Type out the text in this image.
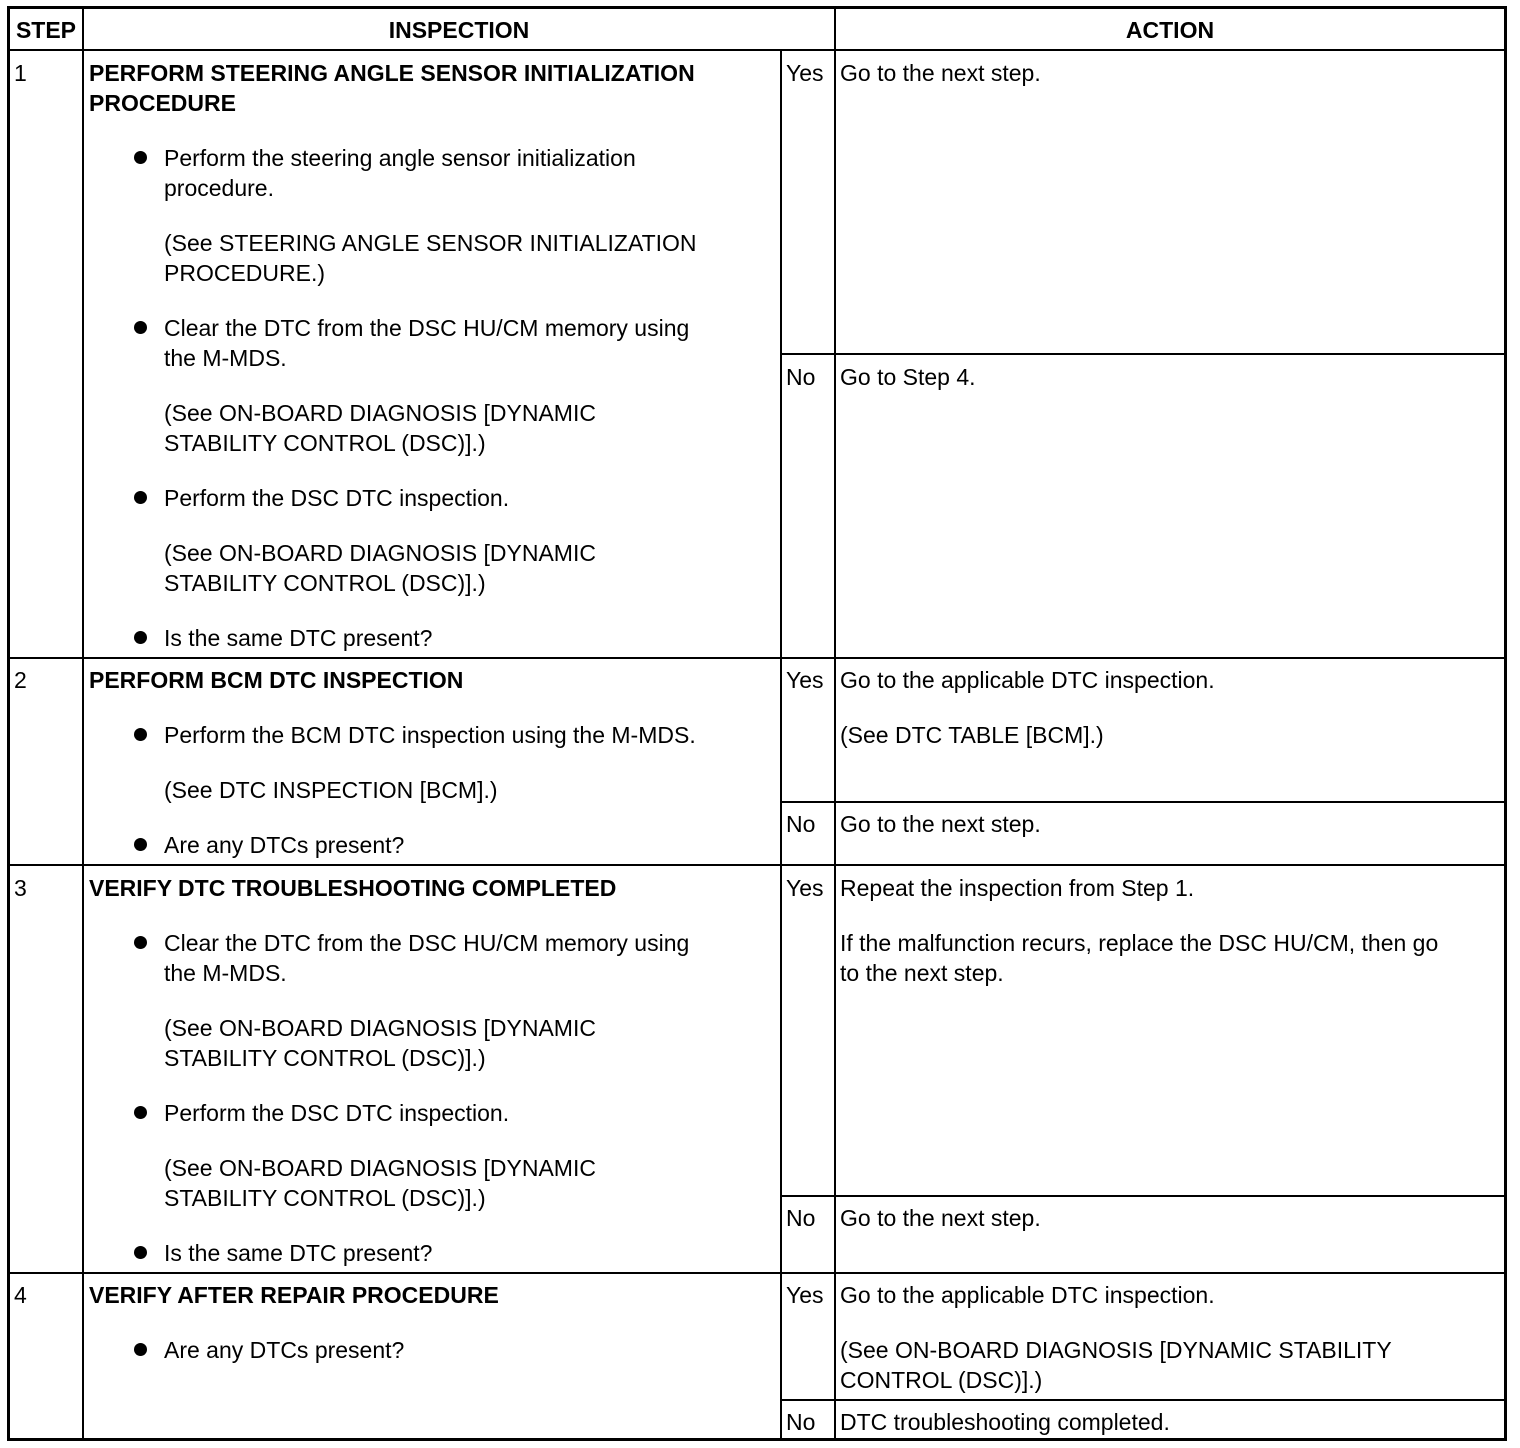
STEP	INSPECTION	ACTION
1	PERFORM STEERING ANGLE SENSOR INITIALIZATION
PROCEDURE
Perform the steering angle sensor initialization
procedure.
(See STEERING ANGLE SENSOR INITIALIZATION
PROCEDURE.)
Clear the DTC from the DSC HU/CM memory using
the M-MDS.
(See ON-BOARD DIAGNOSIS [DYNAMIC
STABILITY CONTROL (DSC)].)
Perform the DSC DTC inspection.
(See ON-BOARD DIAGNOSIS [DYNAMIC
STABILITY CONTROL (DSC)].)
Is the same DTC present?
Yes Go to the next step.
No Go to Step 4.
2	PERFORM BCM DTC INSPECTION
Perform the BCM DTC inspection using the M-MDS.
(See DTC INSPECTION [BCM].)
Are any DTCs present?
Yes Go to the applicable DTC inspection.
(See DTC TABLE [BCM].)
No Go to the next step.
3	VERIFY DTC TROUBLESHOOTING COMPLETED
Clear the DTC from the DSC HU/CM memory using
the M-MDS.
(See ON-BOARD DIAGNOSIS [DYNAMIC
STABILITY CONTROL (DSC)].)
Perform the DSC DTC inspection.
(See ON-BOARD DIAGNOSIS [DYNAMIC
STABILITY CONTROL (DSC)].)
Is the same DTC present?
Yes Repeat the inspection from Step 1.
If the malfunction recurs, replace the DSC HU/CM, then go
to the next step.
No Go to the next step.
4	VERIFY AFTER REPAIR PROCEDURE
Are any DTCs present?
Yes Go to the applicable DTC inspection.
(See ON-BOARD DIAGNOSIS [DYNAMIC STABILITY
CONTROL (DSC)].)
No DTC troubleshooting completed.
